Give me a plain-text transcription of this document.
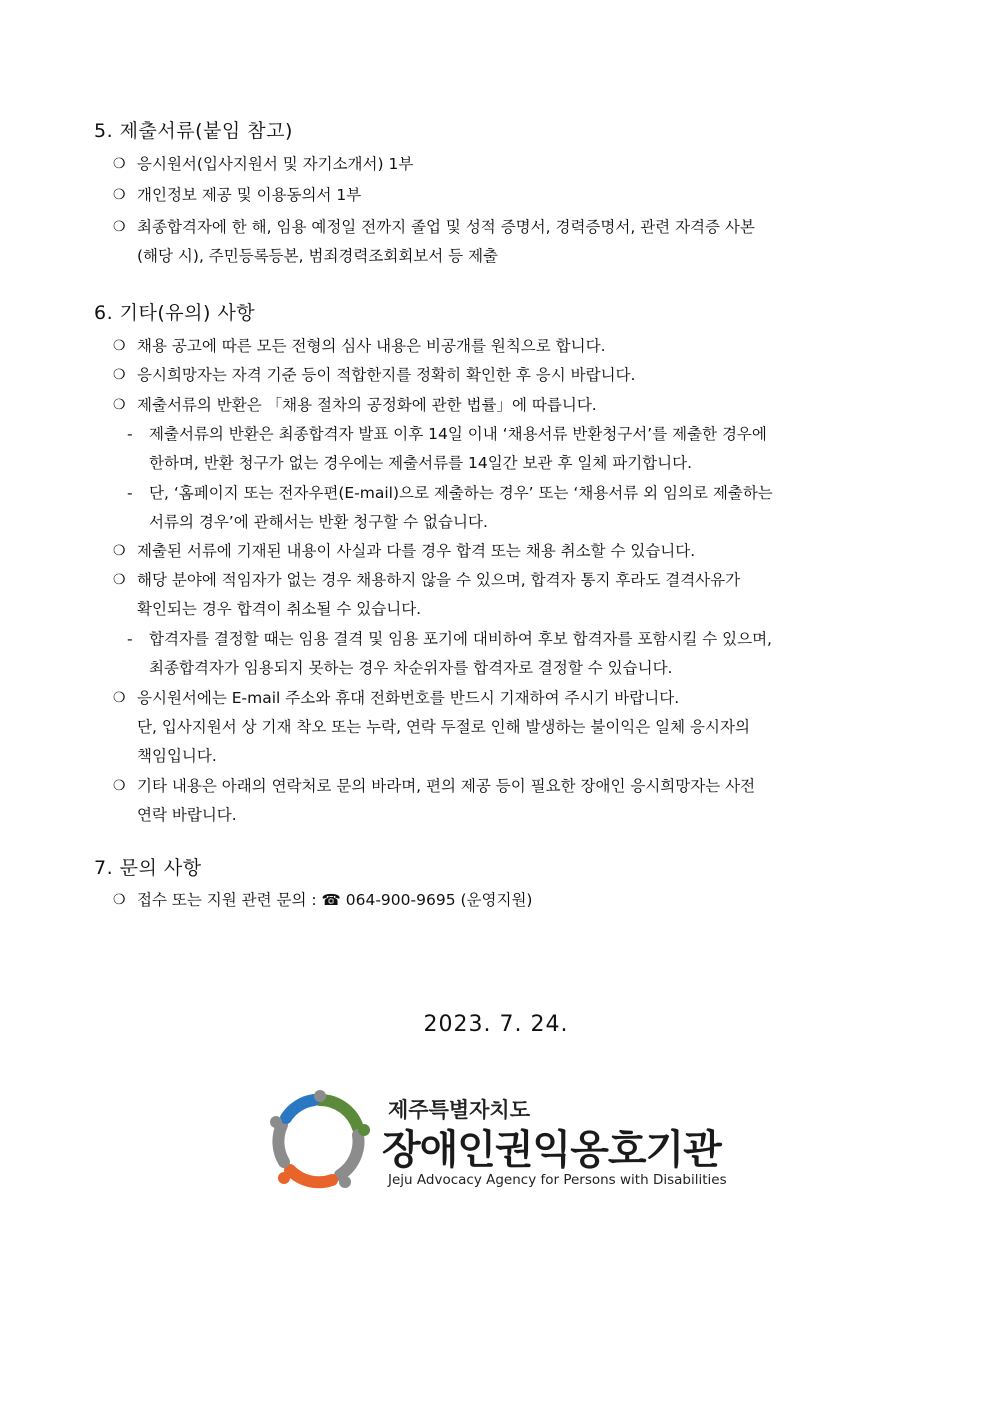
5. 제출서류(붙임 참고)
❍ 응시원서(입사지원서 및 자기소개서) 1부
❍ 개인정보 제공 및 이용동의서 1부
❍ 최종합격자에 한 해, 임용 예정일 전까지 졸업 및 성적 증명서, 경력증명서, 관련 자격증 사본
(해당 시), 주민등록등본, 범죄경력조회회보서 등 제출
6. 기타(유의) 사항
❍ 채용 공고에 따른 모든 전형의 심사 내용은 비공개를 원칙으로 합니다.
❍ 응시희망자는 자격 기준 등이 적합한지를 정확히 확인한 후 응시 바랍니다.
❍ 제출서류의 반환은 「채용 절차의 공정화에 관한 법률」에 따릅니다.
- 제출서류의 반환은 최종합격자 발표 이후 14일 이내 ‘채용서류 반환청구서’를 제출한 경우에
한하며, 반환 청구가 없는 경우에는 제출서류를 14일간 보관 후 일체 파기합니다.
- 단, ‘홈페이지 또는 전자우편(E-mail)으로 제출하는 경우’ 또는 ‘채용서류 외 임의로 제출하는
서류의 경우’에 관해서는 반환 청구할 수 없습니다.
❍ 제출된 서류에 기재된 내용이 사실과 다를 경우 합격 또는 채용 취소할 수 있습니다.
❍ 해당 분야에 적임자가 없는 경우 채용하지 않을 수 있으며, 합격자 통지 후라도 결격사유가
확인되는 경우 합격이 취소될 수 있습니다.
- 합격자를 결정할 때는 임용 결격 및 임용 포기에 대비하여 후보 합격자를 포함시킬 수 있으며,
최종합격자가 임용되지 못하는 경우 차순위자를 합격자로 결정할 수 있습니다.
❍ 응시원서에는 E-mail 주소와 휴대 전화번호를 반드시 기재하여 주시기 바랍니다.
단, 입사지원서 상 기재 착오 또는 누락, 연락 두절로 인해 발생하는 불이익은 일체 응시자의
책임입니다.
❍ 기타 내용은 아래의 연락처로 문의 바라며, 편의 제공 등이 필요한 장애인 응시희망자는 사전
연락 바랍니다.
7. 문의 사항
❍ 접수 또는 지원 관련 문의 : ☎ 064-900-9695 (운영지원)
2023. 7. 24.
제주특별자치도
장애인권익옹호기관
Jeju Advocacy Agency for Persons with Disabilities
